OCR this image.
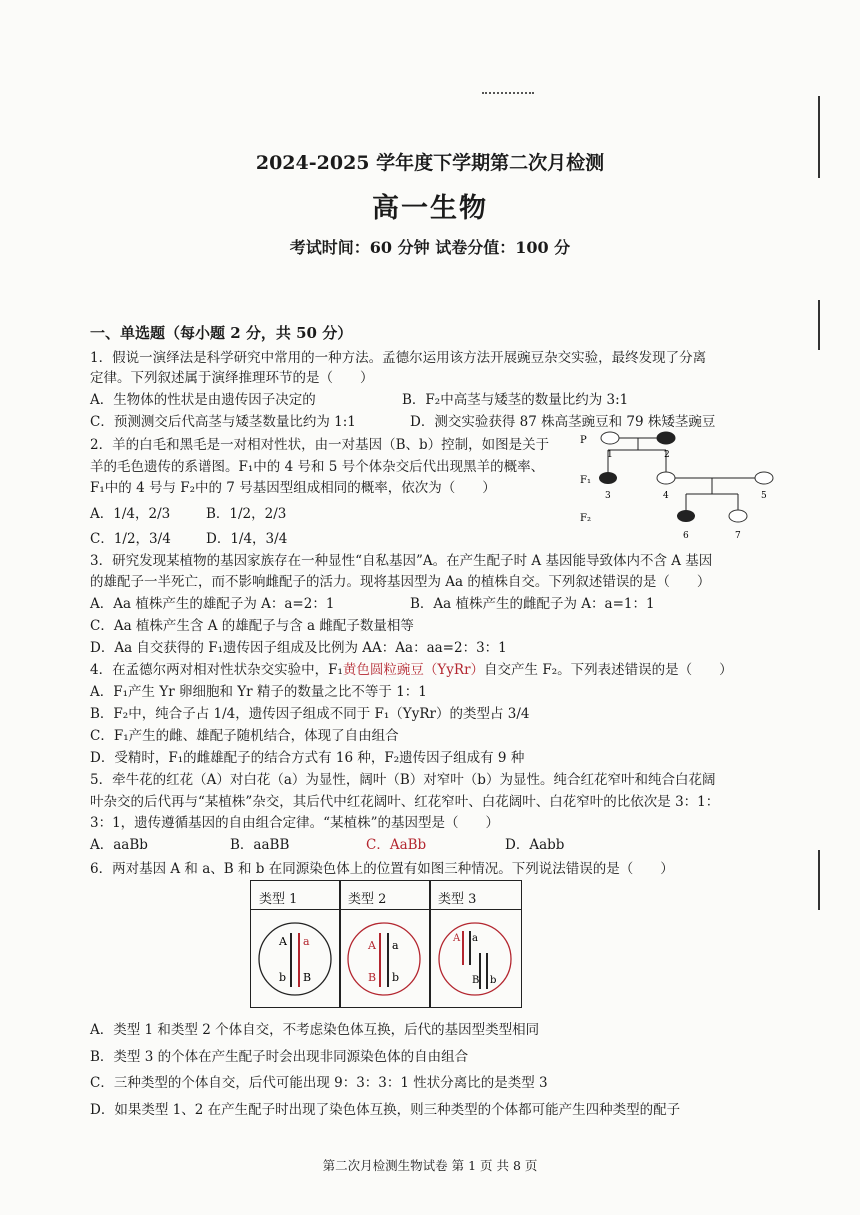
2024-2025 学年度下学期第二次月检测
高一生物
考试时间：60 分钟 试卷分值：100 分
一、单选题（每小题 2 分，共 50 分）
1．假说一演绎法是科学研究中常用的一种方法。孟德尔运用该方法开展豌豆杂交实验，最终发现了分离
定律。下列叙述属于演绎推理环节的是（　　）
A．生物体的性状是由遗传因子决定的	B．F₂中高茎与矮茎的数量比约为 3:1
C．预测测交后代高茎与矮茎数量比约为 1:1	D．测交实验获得 87 株高茎豌豆和 79 株矮茎豌豆
2．羊的白毛和黑毛是一对相对性状，由一对基因（B、b）控制，如图是关于
羊的毛色遗传的系谱图。F₁中的 4 号和 5 号个体杂交后代出现黑羊的概率、
F₁中的 4 号与 F₂中的 7 号基因型组成相同的概率，依次为（　　）
A．1/4，2/3	B．1/2，2/3
C．1/2，3/4	D．1/4，3/4
P
F₁
F₂
1	2
3	4	5
6	7
3．研究发现某植物的基因家族存在一种显性“自私基因”A。在产生配子时 A 基因能导致体内不含 A 基因
的雄配子一半死亡，而不影响雌配子的活力。现将基因型为 Aa 的植株自交。下列叙述错误的是（　　）
A．Aa 植株产生的雄配子为 A：a=2：1	B．Aa 植株产生的雌配子为 A：a=1：1
C．Aa 植株产生含 A 的雄配子与含 a 雌配子数量相等
D．Aa 自交获得的 F₁遗传因子组成及比例为 AA：Aa：aa=2：3：1
4．在孟德尔两对相对性状杂交实验中，F₁黄色圆粒豌豆（YyRr）自交产生 F₂。下列表述错误的是（　　）
A．F₁产生 Yr 卵细胞和 Yr 精子的数量之比不等于 1：1
B．F₂中，纯合子占 1/4，遗传因子组成不同于 F₁（YyRr）的类型占 3/4
C．F₁产生的雌、雄配子随机结合，体现了自由组合
D．受精时，F₁的雌雄配子的结合方式有 16 种，F₂遗传因子组成有 9 种
5．牵牛花的红花（A）对白花（a）为显性，阔叶（B）对窄叶（b）为显性。纯合红花窄叶和纯合白花阔
叶杂交的后代再与“某植株”杂交，其后代中红花阔叶、红花窄叶、白花阔叶、白花窄叶的比依次是 3：1：
3：1，遗传遵循基因的自由组合定律。“某植株”的基因型是（　　）
A．aaBb	B．aaBB	C．AaBb	D．Aabb
6．两对基因 A 和 a、B 和 b 在同源染色体上的位置有如图三种情况。下列说法错误的是（　　）
类型 1	类型 2	类型 3
A a
b B
A a
B b
A a
B b
A．类型 1 和类型 2 个体自交，不考虑染色体互换，后代的基因型类型相同
B．类型 3 的个体在产生配子时会出现非同源染色体的自由组合
C．三种类型的个体自交，后代可能出现 9：3：3：1 性状分离比的是类型 3
D．如果类型 1、2 在产生配子时出现了染色体互换，则三种类型的个体都可能产生四种类型的配子
第二次月检测生物试卷 第 1 页 共 8 页
